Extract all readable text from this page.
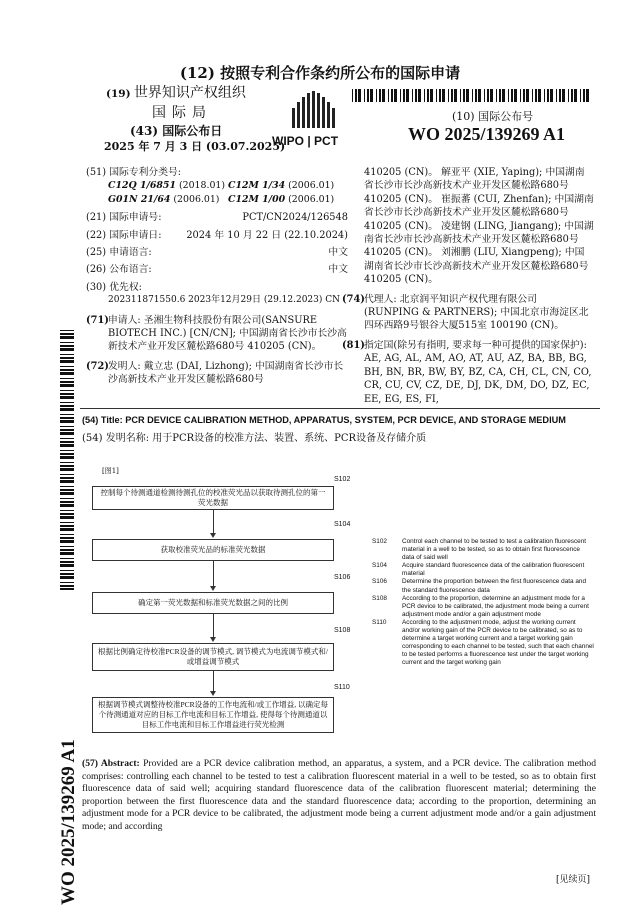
(12) 按照专利合作条约所公布的国际申请
(19) 世界知识产权组织
国际局
(43) 国际公布日
2025 年 7 月 3 日 (03.07.2025)
WIPO | PCT
(10) 国际公布号
WO 2025/139269 A1
(51) 国际专利分类号:
C12Q 1/6851 (2018.01) C12M 1/34 (2006.01)
G01N 21/64 (2006.01) C12M 1/00 (2006.01)
(21) 国际申请号:	PCT/CN2024/126548
(22) 国际申请日:	2024 年 10 月 22 日 (22.10.2024)
(25) 申请语言:	中文
(26) 公布语言:	中文
(30) 优先权:
202311871550.6 2023年12月29日 (29.12.2023) CN
(71) 申请人: 圣湘生物科技股份有限公司(SANSURE BIOTECH INC.) [CN/CN]; 中国湖南省长沙市长沙高新技术产业开发区麓松路680号 410205 (CN)。
(72) 发明人: 戴立忠 (DAI, Lizhong); 中国湖南省长沙市长沙高新技术产业开发区麓松路680号
410205 (CN)。 解亚平 (XIE, Yaping); 中国湖南省长沙市长沙高新技术产业开发区麓松路680号 410205 (CN)。 崔振蕃 (CUI, Zhenfan); 中国湖南省长沙市长沙高新技术产业开发区麓松路680号 410205 (CN)。 凌建钢 (LING, Jiangang); 中国湖南省长沙市长沙高新技术产业开发区麓松路680号 410205 (CN)。 刘湘鹏 (LIU, Xiangpeng); 中国湖南省长沙市长沙高新技术产业开发区麓松路680号 410205 (CN)。
(74) 代理人: 北京润平知识产权代理有限公司 (RUNPING & PARTNERS); 中国北京市海淀区北四环西路9号银谷大厦515室 100190 (CN)。
(81) 指定国(除另有指明, 要求每一种可提供的国家保护): AE, AG, AL, AM, AO, AT, AU, AZ, BA, BB, BG, BH, BN, BR, BW, BY, BZ, CA, CH, CL, CN, CO, CR, CU, CV, CZ, DE, DJ, DK, DM, DO, DZ, EC, EE, EG, ES, FI,
(54) Title: PCR DEVICE CALIBRATION METHOD, APPARATUS, SYSTEM, PCR DEVICE, AND STORAGE MEDIUM
(54) 发明名称: 用于PCR设备的校准方法、装置、系统、PCR设备及存储介质
[图1]
控制每个待测通道检测待测孔位的校准荧光品以获取待测孔位的第一荧光数据
S102
获取校准荧光品的标准荧光数据
S104
确定第一荧光数据和标准荧光数据之间的比例
S106
根据比例确定待校准PCR设备的调节模式, 调节模式为电流调节模式和/或增益调节模式
S108
根据调节模式调整待校准PCR设备的工作电流和/或工作增益, 以确定每个待测通道对应的目标工作电流和目标工作增益, 使得每个待测通道以目标工作电流和目标工作增益进行荧光检测
S110
S102	Control each channel to be tested to test a calibration fluorescent material in a well to be tested, so as to obtain first fluorescence data of said well
S104	Acquire standard fluorescence data of the calibration fluorescent material
S106	Determine the proportion between the first fluorescence data and the standard fluorescence data
S108	According to the proportion, determine an adjustment mode for a PCR device to be calibrated, the adjustment mode being a current adjustment mode and/or a gain adjustment mode
S110	According to the adjustment mode, adjust the working current and/or working gain of the PCR device to be calibrated, so as to determine a target working current and a target working gain corresponding to each channel to be tested, such that each channel to be tested performs a fluorescence test under the target working current and the target working gain
(57) Abstract: Provided are a PCR device calibration method, an apparatus, a system, and a PCR device. The calibration method comprises: controlling each channel to be tested to test a calibration fluorescent material in a well to be tested, so as to obtain first fluorescence data of said well; acquiring standard fluorescence data of the calibration fluorescent material; determining the proportion between the first fluorescence data and the standard fluorescence data; according to the proportion, determining an adjustment mode for a PCR device to be calibrated, the adjustment mode being a current adjustment mode and/or a gain adjustment mode; and according
[见续页]
WO 2025/139269 A1
